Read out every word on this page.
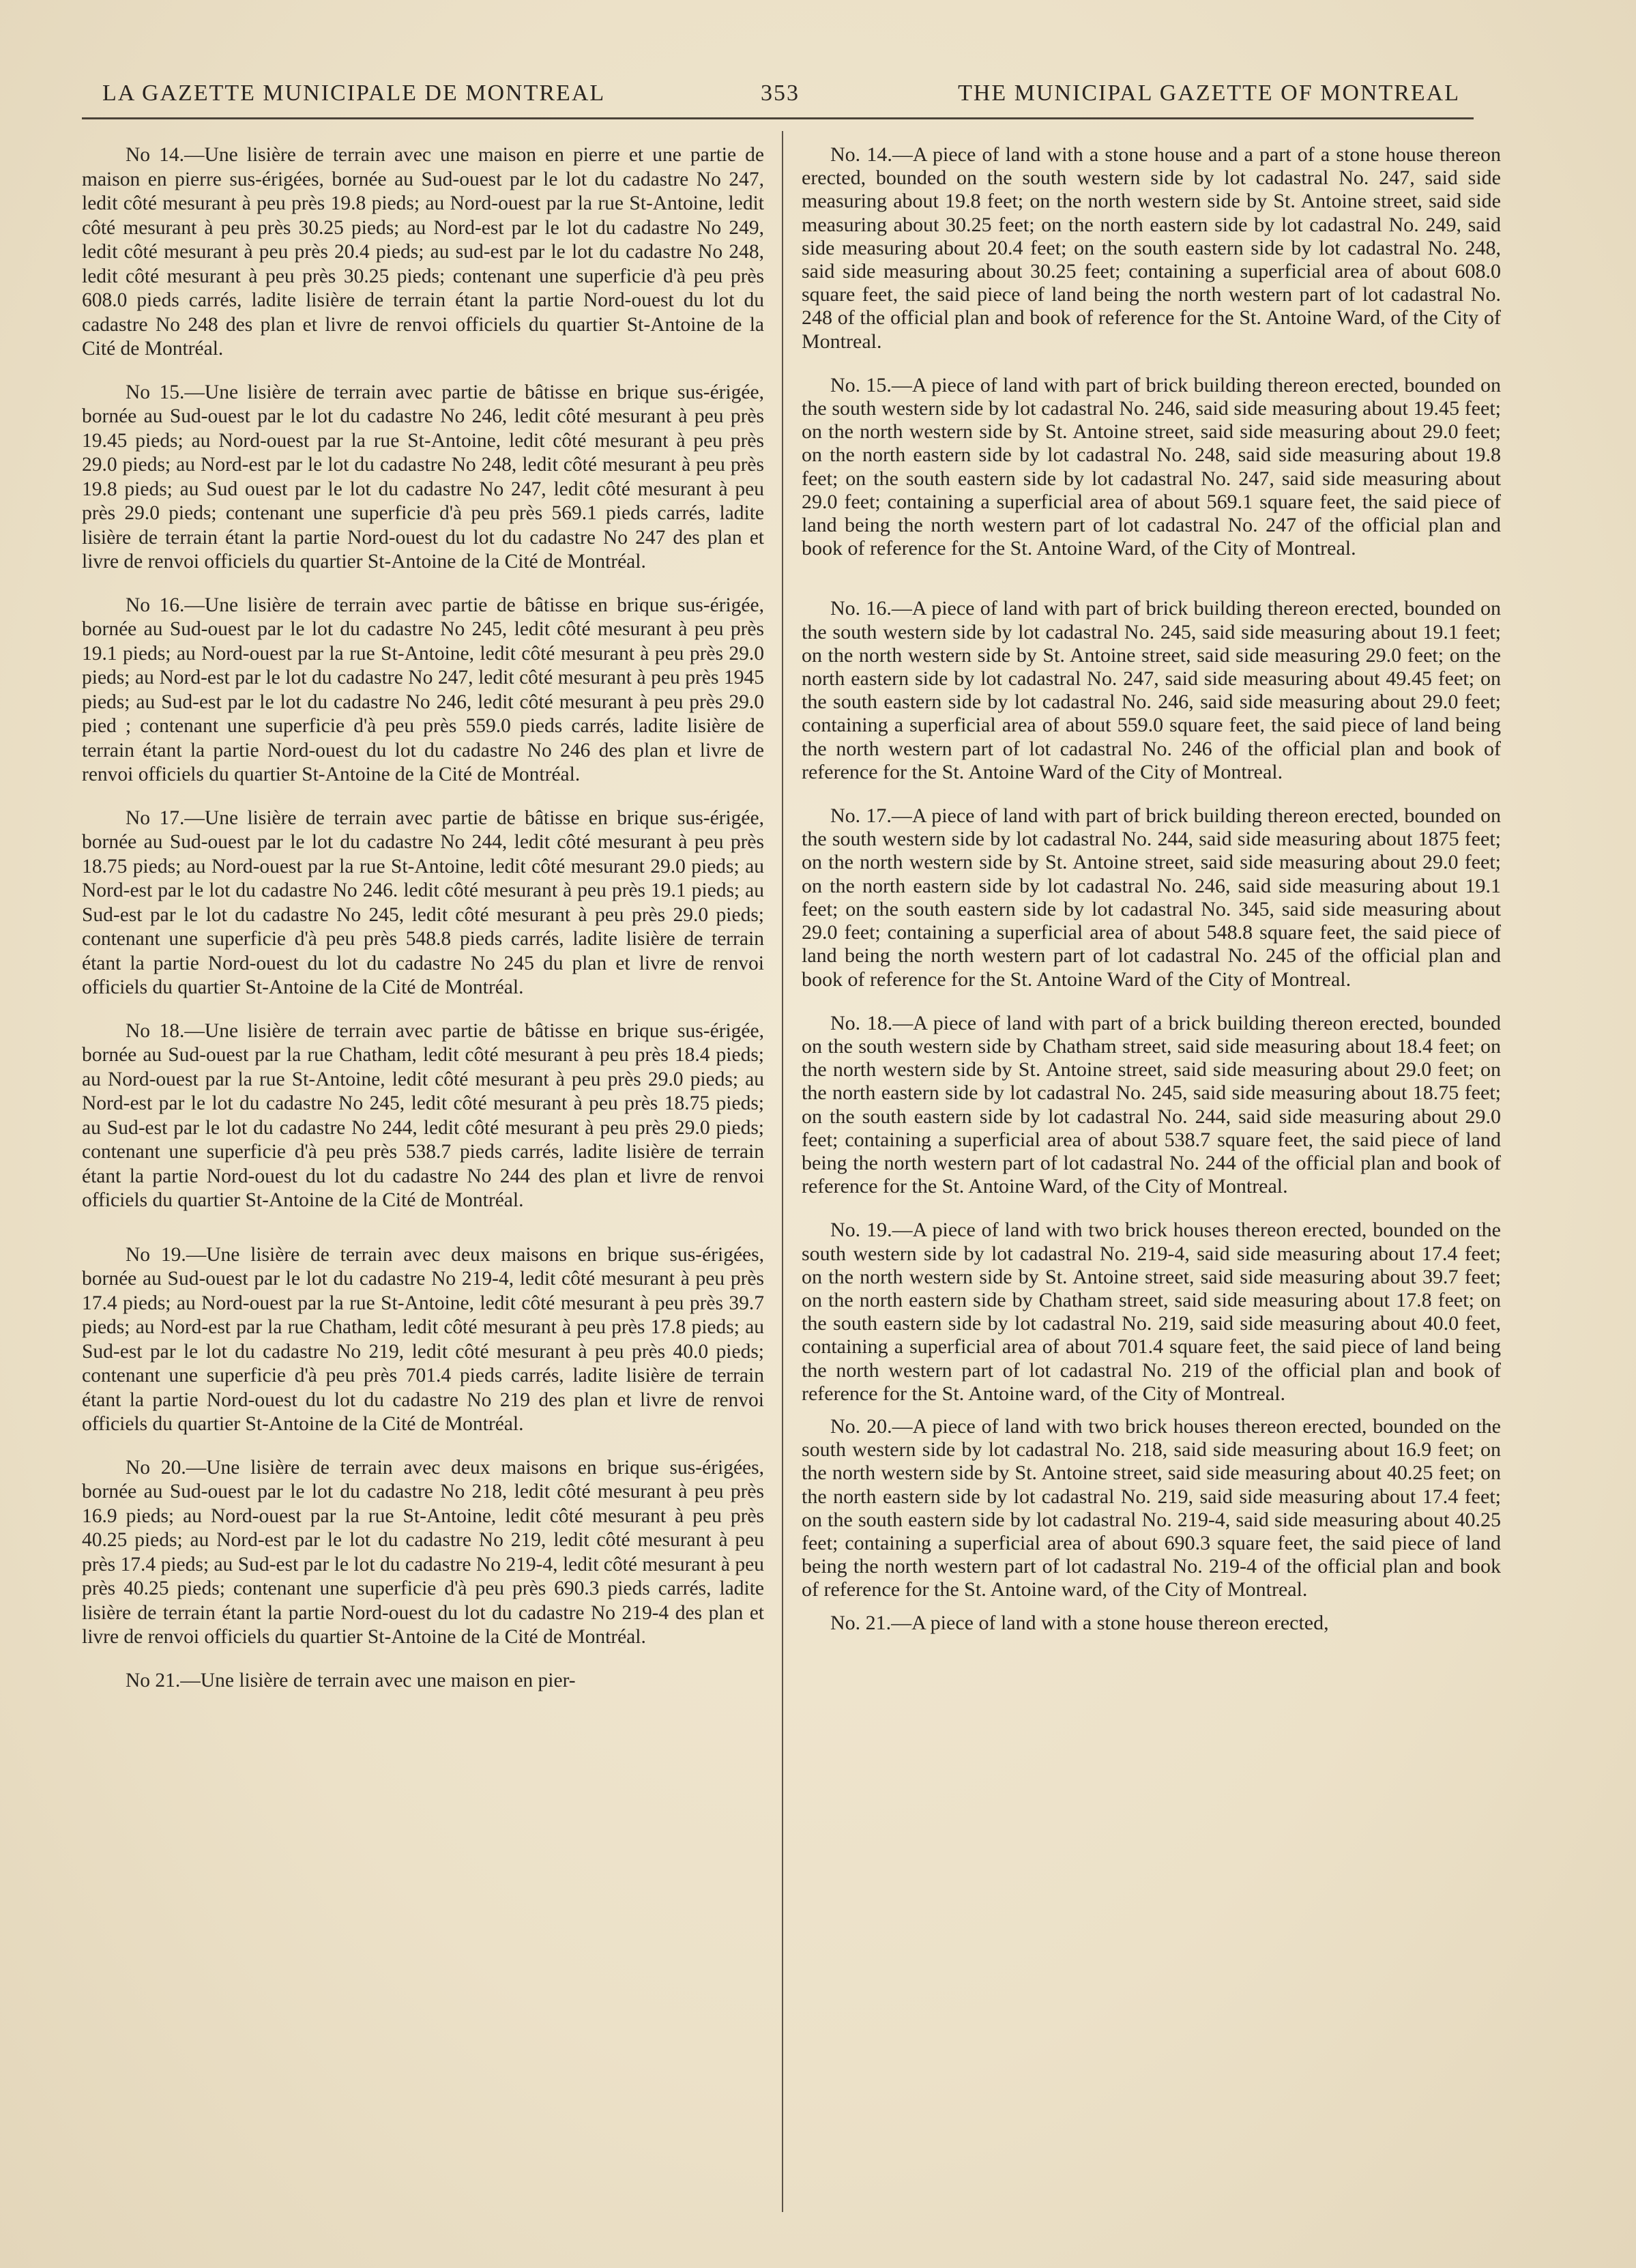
LA GAZETTE MUNICIPALE DE MONTREAL	353	THE MUNICIPAL GAZETTE OF MONTREAL

No 14.—Une lisière de terrain avec une maison en pierre et une partie de maison en pierre sus-érigées, bornée au Sud-ouest par le lot du cadastre No 247, ledit côté mesurant à peu près 19.8 pieds; au Nord-ouest par la rue St-Antoine, ledit côté mesurant à peu près 30.25 pieds; au Nord-est par le lot du cadastre No 249, ledit côté mesurant à peu près 20.4 pieds; au sud-est par le lot du cadastre No 248, ledit côté mesurant à peu près 30.25 pieds; contenant une superficie d'à peu près 608.0 pieds carrés, ladite lisière de terrain étant la partie Nord-ouest du lot du cadastre No 248 des plan et livre de renvoi officiels du quartier St-Antoine de la Cité de Montréal.

No 15.—Une lisière de terrain avec partie de bâtisse en brique sus-érigée, bornée au Sud-ouest par le lot du cadastre No 246, ledit côté mesurant à peu près 19.45 pieds; au Nord-ouest par la rue St-Antoine, ledit côté mesurant à peu près 29.0 pieds; au Nord-est par le lot du cadastre No 248, ledit côté mesurant à peu près 19.8 pieds; au Sud ouest par le lot du cadastre No 247, ledit côté mesurant à peu près 29.0 pieds; contenant une superficie d'à peu près 569.1 pieds carrés, ladite lisière de terrain étant la partie Nord-ouest du lot du cadastre No 247 des plan et livre de renvoi officiels du quartier St-Antoine de la Cité de Montréal.

No 16.—Une lisière de terrain avec partie de bâtisse en brique sus-érigée, bornée au Sud-ouest par le lot du cadastre No 245, ledit côté mesurant à peu près 19.1 pieds; au Nord-ouest par la rue St-Antoine, ledit côté mesurant à peu près 29.0 pieds; au Nord-est par le lot du cadastre No 247, ledit côté mesurant à peu près 1945 pieds; au Sud-est par le lot du cadastre No 246, ledit côté mesurant à peu près 29.0 pied ; contenant une superficie d'à peu près 559.0 pieds carrés, ladite lisière de terrain étant la partie Nord-ouest du lot du cadastre No 246 des plan et livre de renvoi officiels du quartier St-Antoine de la Cité de Montréal.

No 17.—Une lisière de terrain avec partie de bâtisse en brique sus-érigée, bornée au Sud-ouest par le lot du cadastre No 244, ledit côté mesurant à peu près 18.75 pieds; au Nord-ouest par la rue St-Antoine, ledit côté mesurant 29.0 pieds; au Nord-est par le lot du cadastre No 246. ledit côté mesurant à peu près 19.1 pieds; au Sud-est par le lot du cadastre No 245, ledit côté mesurant à peu près 29.0 pieds; contenant une superficie d'à peu près 548.8 pieds carrés, ladite lisière de terrain étant la partie Nord-ouest du lot du cadastre No 245 du plan et livre de renvoi officiels du quartier St-Antoine de la Cité de Montréal.

No 18.—Une lisière de terrain avec partie de bâtisse en brique sus-érigée, bornée au Sud-ouest par la rue Chatham, ledit côté mesurant à peu près 18.4 pieds; au Nord-ouest par la rue St-Antoine, ledit côté mesurant à peu près 29.0 pieds; au Nord-est par le lot du cadastre No 245, ledit côté mesurant à peu près 18.75 pieds; au Sud-est par le lot du cadastre No 244, ledit côté mesurant à peu près 29.0 pieds; contenant une superficie d'à peu près 538.7 pieds carrés, ladite lisière de terrain étant la partie Nord-ouest du lot du cadastre No 244 des plan et livre de renvoi officiels du quartier St-Antoine de la Cité de Montréal.

No 19.—Une lisière de terrain avec deux maisons en brique sus-érigées, bornée au Sud-ouest par le lot du cadastre No 219-4, ledit côté mesurant à peu près 17.4 pieds; au Nord-ouest par la rue St-Antoine, ledit côté mesurant à peu près 39.7 pieds; au Nord-est par la rue Chatham, ledit côté mesurant à peu près 17.8 pieds; au Sud-est par le lot du cadastre No 219, ledit côté mesurant à peu près 40.0 pieds; contenant une superficie d'à peu près 701.4 pieds carrés, ladite lisière de terrain étant la partie Nord-ouest du lot du cadastre No 219 des plan et livre de renvoi officiels du quartier St-Antoine de la Cité de Montréal.

No 20.—Une lisière de terrain avec deux maisons en brique sus-érigées, bornée au Sud-ouest par le lot du cadastre No 218, ledit côté mesurant à peu près 16.9 pieds; au Nord-ouest par la rue St-Antoine, ledit côté mesurant à peu près 40.25 pieds; au Nord-est par le lot du cadastre No 219, ledit côté mesurant à peu près 17.4 pieds; au Sud-est par le lot du cadastre No 219-4, ledit côté mesurant à peu près 40.25 pieds; contenant une superficie d'à peu près 690.3 pieds carrés, ladite lisière de terrain étant la partie Nord-ouest du lot du cadastre No 219-4 des plan et livre de renvoi officiels du quartier St-Antoine de la Cité de Montréal.

No 21.—Une lisière de terrain avec une maison en pier-

No. 14.—A piece of land with a stone house and a part of a stone house thereon erected, bounded on the south western side by lot cadastral No. 247, said side measuring about 19.8 feet; on the north western side by St. Antoine street, said side measuring about 30.25 feet; on the north eastern side by lot cadastral No. 249, said side measuring about 20.4 feet; on the south eastern side by lot cadastral No. 248, said side measuring about 30.25 feet; containing a superficial area of about 608.0 square feet, the said piece of land being the north western part of lot cadastral No. 248 of the official plan and book of reference for the St. Antoine Ward, of the City of Montreal.

No. 15.—A piece of land with part of brick building thereon erected, bounded on the south western side by lot cadastral No. 246, said side measuring about 19.45 feet; on the north western side by St. Antoine street, said side measuring about 29.0 feet; on the north eastern side by lot cadastral No. 248, said side measuring about 19.8 feet; on the south eastern side by lot cadastral No. 247, said side measuring about 29.0 feet; containing a superficial area of about 569.1 square feet, the said piece of land being the north western part of lot cadastral No. 247 of the official plan and book of reference for the St. Antoine Ward, of the City of Montreal.

No. 16.—A piece of land with part of brick building thereon erected, bounded on the south western side by lot cadastral No. 245, said side measuring about 19.1 feet; on the north western side by St. Antoine street, said side measuring 29.0 feet; on the north eastern side by lot cadastral No. 247, said side measuring about 49.45 feet; on the south eastern side by lot cadastral No. 246, said side measuring about 29.0 feet; containing a superficial area of about 559.0 square feet, the said piece of land being the north western part of lot cadastral No. 246 of the official plan and book of reference for the St. Antoine Ward of the City of Montreal.

No. 17.—A piece of land with part of brick building thereon erected, bounded on the south western side by lot cadastral No. 244, said side measuring about 1875 feet; on the north western side by St. Antoine street, said side measuring about 29.0 feet; on the north eastern side by lot cadastral No. 246, said side measuring about 19.1 feet; on the south eastern side by lot cadastral No. 345, said side measuring about 29.0 feet; containing a superficial area of about 548.8 square feet, the said piece of land being the north western part of lot cadastral No. 245 of the official plan and book of reference for the St. Antoine Ward of the City of Montreal.

No. 18.—A piece of land with part of a brick building thereon erected, bounded on the south western side by Chatham street, said side measuring about 18.4 feet; on the north western side by St. Antoine street, said side measuring about 29.0 feet; on the north eastern side by lot cadastral No. 245, said side measuring about 18.75 feet; on the south eastern side by lot cadastral No. 244, said side measuring about 29.0 feet; containing a superficial area of about 538.7 square feet, the said piece of land being the north western part of lot cadastral No. 244 of the official plan and book of reference for the St. Antoine Ward, of the City of Montreal.

No. 19.—A piece of land with two brick houses thereon erected, bounded on the south western side by lot cadastral No. 219-4, said side measuring about 17.4 feet; on the north western side by St. Antoine street, said side measuring about 39.7 feet; on the north eastern side by Chatham street, said side measuring about 17.8 feet; on the south eastern side by lot cadastral No. 219, said side measuring about 40.0 feet, containing a superficial area of about 701.4 square feet, the said piece of land being the north western part of lot cadastral No. 219 of the official plan and book of reference for the St. Antoine ward, of the City of Montreal.

No. 20.—A piece of land with two brick houses thereon erected, bounded on the south western side by lot cadastral No. 218, said side measuring about 16.9 feet; on the north western side by St. Antoine street, said side measuring about 40.25 feet; on the north eastern side by lot cadastral No. 219, said side measuring about 17.4 feet; on the south eastern side by lot cadastral No. 219-4, said side measuring about 40.25 feet; containing a superficial area of about 690.3 square feet, the said piece of land being the north western part of lot cadastral No. 219-4 of the official plan and book of reference for the St. Antoine ward, of the City of Montreal.

No. 21.—A piece of land with a stone house thereon erected,
